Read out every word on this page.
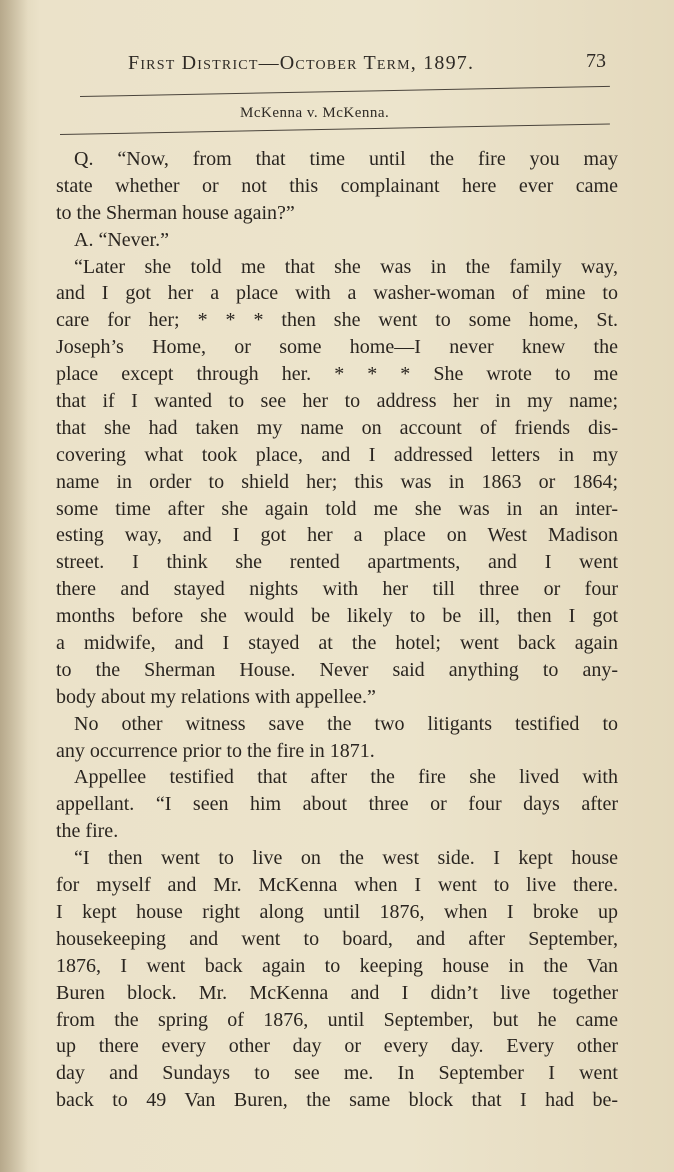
First District—October Term, 1897.	73
McKenna v. McKenna.
Q. “Now, from that time until the fire you may
state whether or not this complainant here ever came
to the Sherman house again?”
A. “Never.”
“Later she told me that she was in the family way,
and I got her a place with a washer-woman of mine to
care for her; * * * then she went to some home, St.
Joseph’s Home, or some home—I never knew the
place except through her. * * * She wrote to me
that if I wanted to see her to address her in my name;
that she had taken my name on account of friends dis-
covering what took place, and I addressed letters in my
name in order to shield her; this was in 1863 or 1864;
some time after she again told me she was in an inter-
esting way, and I got her a place on West Madison
street. I think she rented apartments, and I went
there and stayed nights with her till three or four
months before she would be likely to be ill, then I got
a midwife, and I stayed at the hotel; went back again
to the Sherman House. Never said anything to any-
body about my relations with appellee.”
No other witness save the two litigants testified to
any occurrence prior to the fire in 1871.
Appellee testified that after the fire she lived with
appellant. “I seen him about three or four days after
the fire.
“I then went to live on the west side. I kept house
for myself and Mr. McKenna when I went to live there.
I kept house right along until 1876, when I broke up
housekeeping and went to board, and after September,
1876, I went back again to keeping house in the Van
Buren block. Mr. McKenna and I didn’t live together
from the spring of 1876, until September, but he came
up there every other day or every day. Every other
day and Sundays to see me. In September I went
back to 49 Van Buren, the same block that I had be-
